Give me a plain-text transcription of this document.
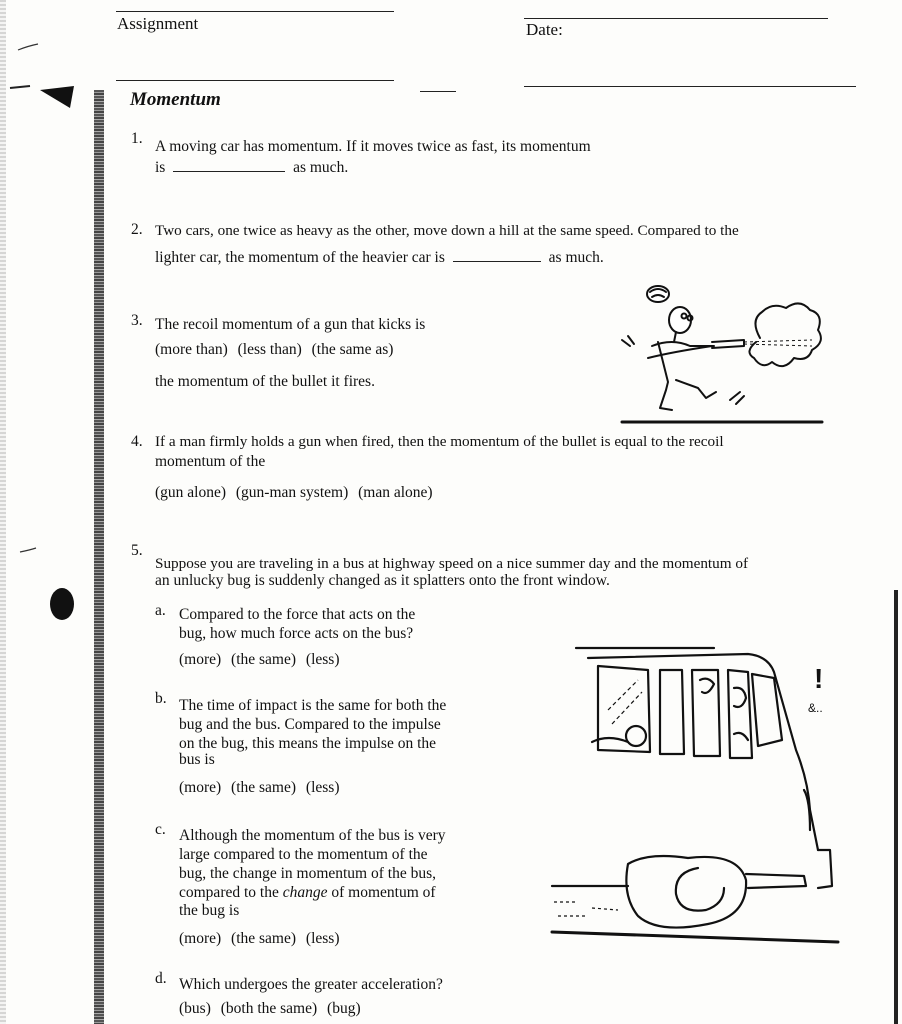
Assignment	Date:
Momentum
1. A moving car has momentum. If it moves twice as fast, its momentum
is	as much.
2. Two cars, one twice as heavy as the other, move down a hill at the same speed. Compared to the
lighter car, the momentum of the heavier car is	as much.
3. The recoil momentum of a gun that kicks is
(more than) (less than) (the same as)
the momentum of the bullet it fires.
4. If a man firmly holds a gun when fired, then the momentum of the bullet is equal to the recoil
momentum of the
(gun alone) (gun-man system) (man alone)
5.
Suppose you are traveling in a bus at highway speed on a nice summer day and the momentum of
an unlucky bug is suddenly changed as it splatters onto the front window.
a. Compared to the force that acts on the
bug, how much force acts on the bus?
(more) (the same) (less)
b. The time of impact is the same for both the
bug and the bus. Compared to the impulse
on the bug, this means the impulse on the
bus is
(more) (the same) (less)
c. Although the momentum of the bus is very
large compared to the momentum of the
bug, the change in momentum of the bus,
compared to the change of momentum of
the bug is
(more) (the same) (less)
d. Which undergoes the greater acceleration?
(bus) (both the same) (bug)
!
&..
